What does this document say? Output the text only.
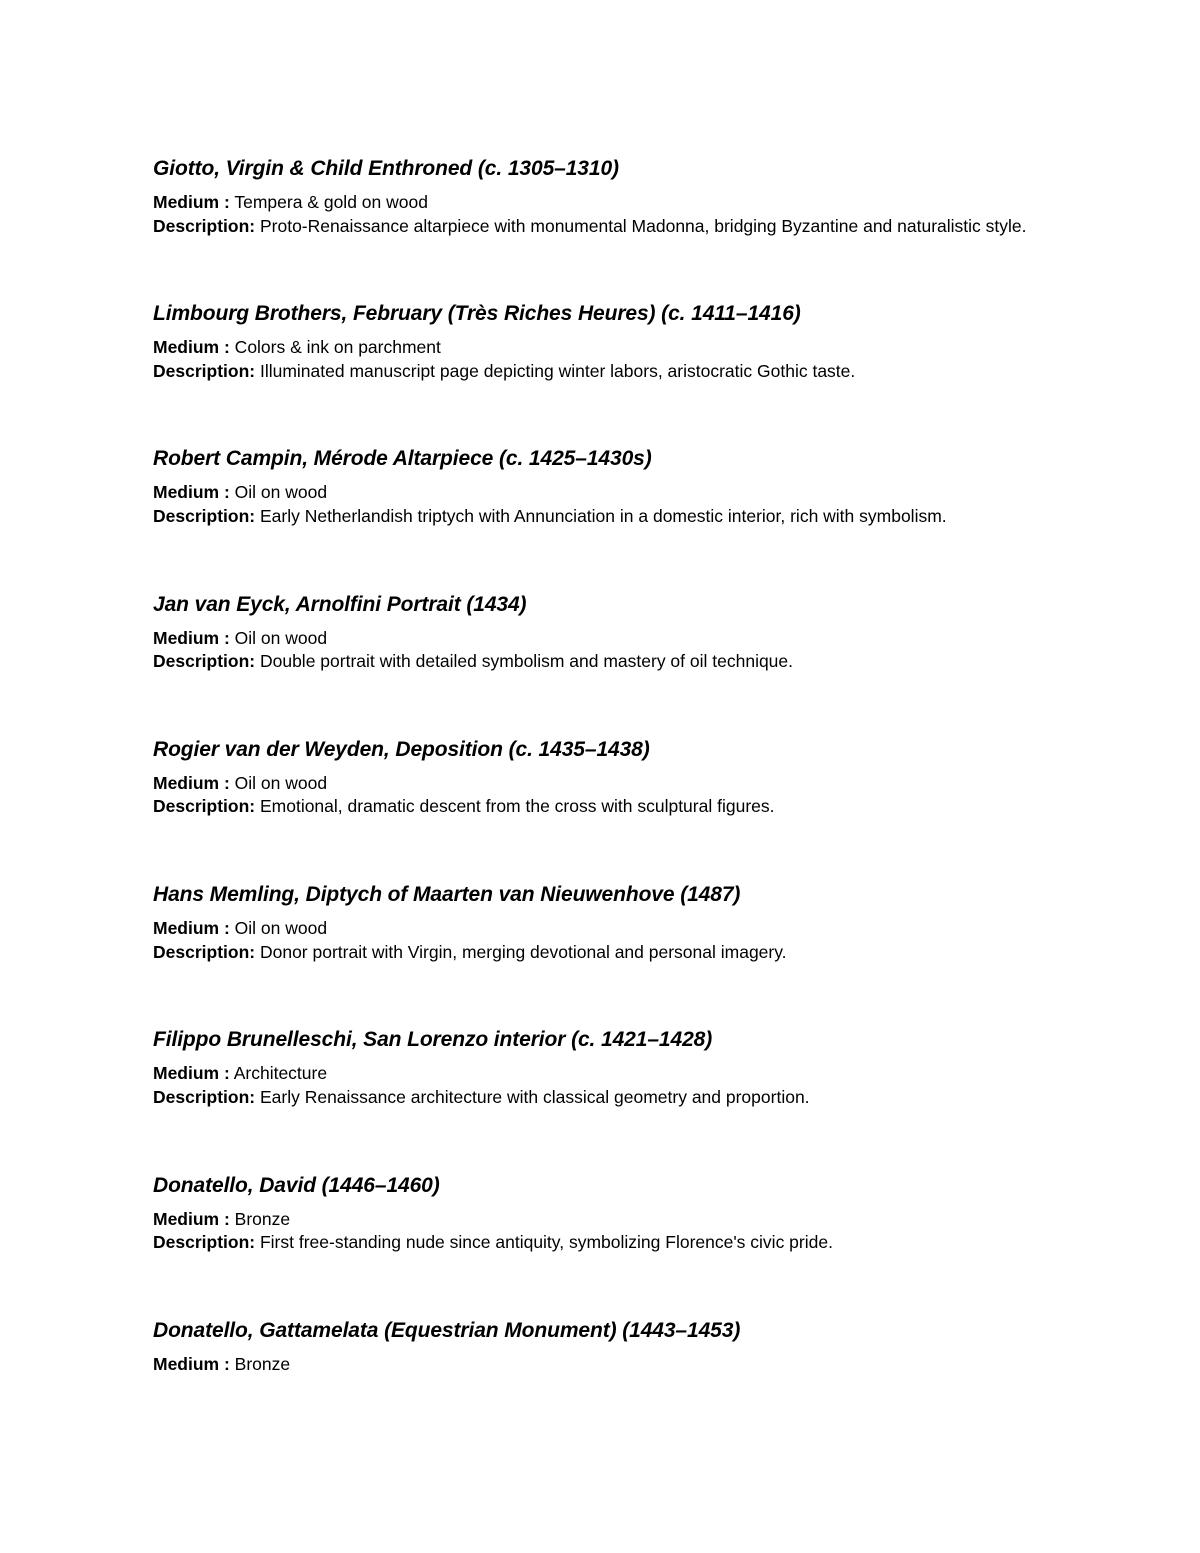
Giotto, Virgin & Child Enthroned (c. 1305–1310)

Medium : Tempera & gold on wood

Description: Proto-Renaissance altarpiece with monumental Madonna, bridging Byzantine and naturalistic style.

Limbourg Brothers, February (Très Riches Heures) (c. 1411–1416)

Medium : Colors & ink on parchment

Description: Illuminated manuscript page depicting winter labors, aristocratic Gothic taste.

Robert Campin, Mérode Altarpiece (c. 1425–1430s)

Medium : Oil on wood

Description: Early Netherlandish triptych with Annunciation in a domestic interior, rich with symbolism.

Jan van Eyck, Arnolfini Portrait (1434)

Medium : Oil on wood

Description: Double portrait with detailed symbolism and mastery of oil technique.

Rogier van der Weyden, Deposition (c. 1435–1438)

Medium : Oil on wood

Description: Emotional, dramatic descent from the cross with sculptural figures.

Hans Memling, Diptych of Maarten van Nieuwenhove (1487)

Medium : Oil on wood

Description: Donor portrait with Virgin, merging devotional and personal imagery.

Filippo Brunelleschi, San Lorenzo interior (c. 1421–1428)

Medium : Architecture

Description: Early Renaissance architecture with classical geometry and proportion.

Donatello, David (1446–1460)

Medium : Bronze

Description: First free-standing nude since antiquity, symbolizing Florence's civic pride.

Donatello, Gattamelata (Equestrian Monument) (1443–1453)

Medium : Bronze
